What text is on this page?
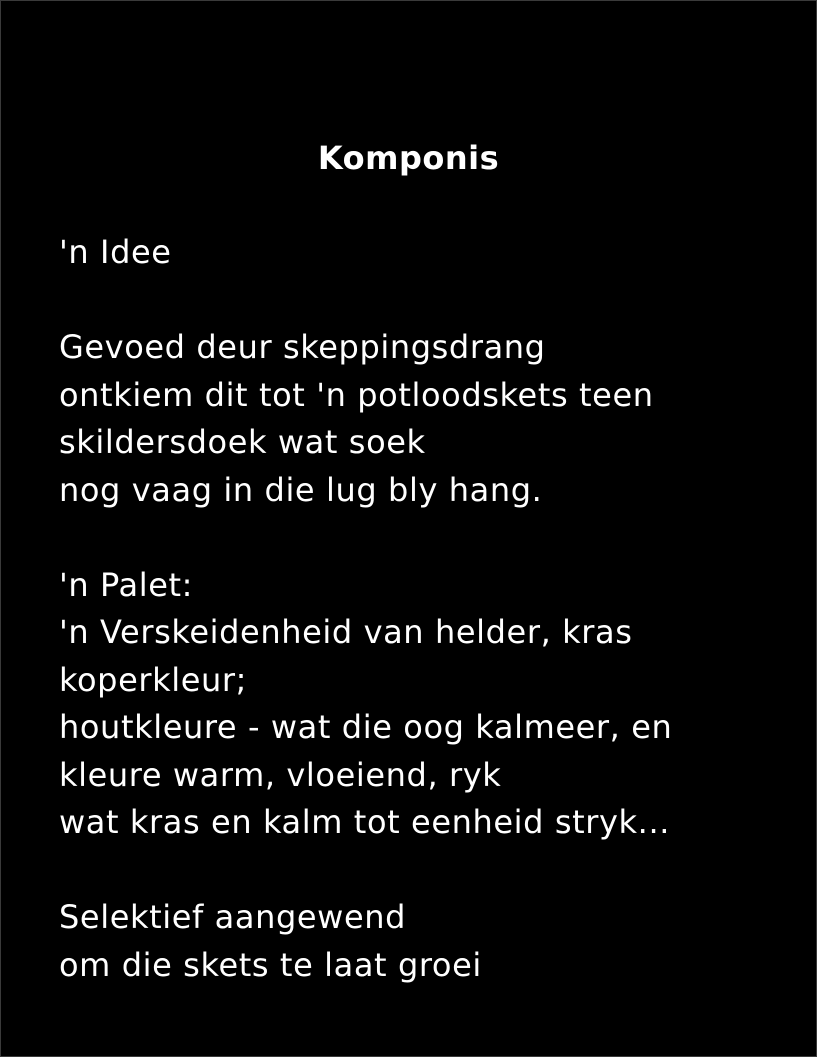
Komponis
'n Idee
Gevoed deur skeppingsdrang
ontkiem dit tot 'n potloodskets teen
skildersdoek wat soek
nog vaag in die lug bly hang.
'n Palet:
'n Verskeidenheid van helder, kras
koperkleur;
houtkleure - wat die oog kalmeer, en
kleure warm, vloeiend, ryk
wat kras en kalm tot eenheid stryk...
Selektief aangewend
om die skets te laat groei
